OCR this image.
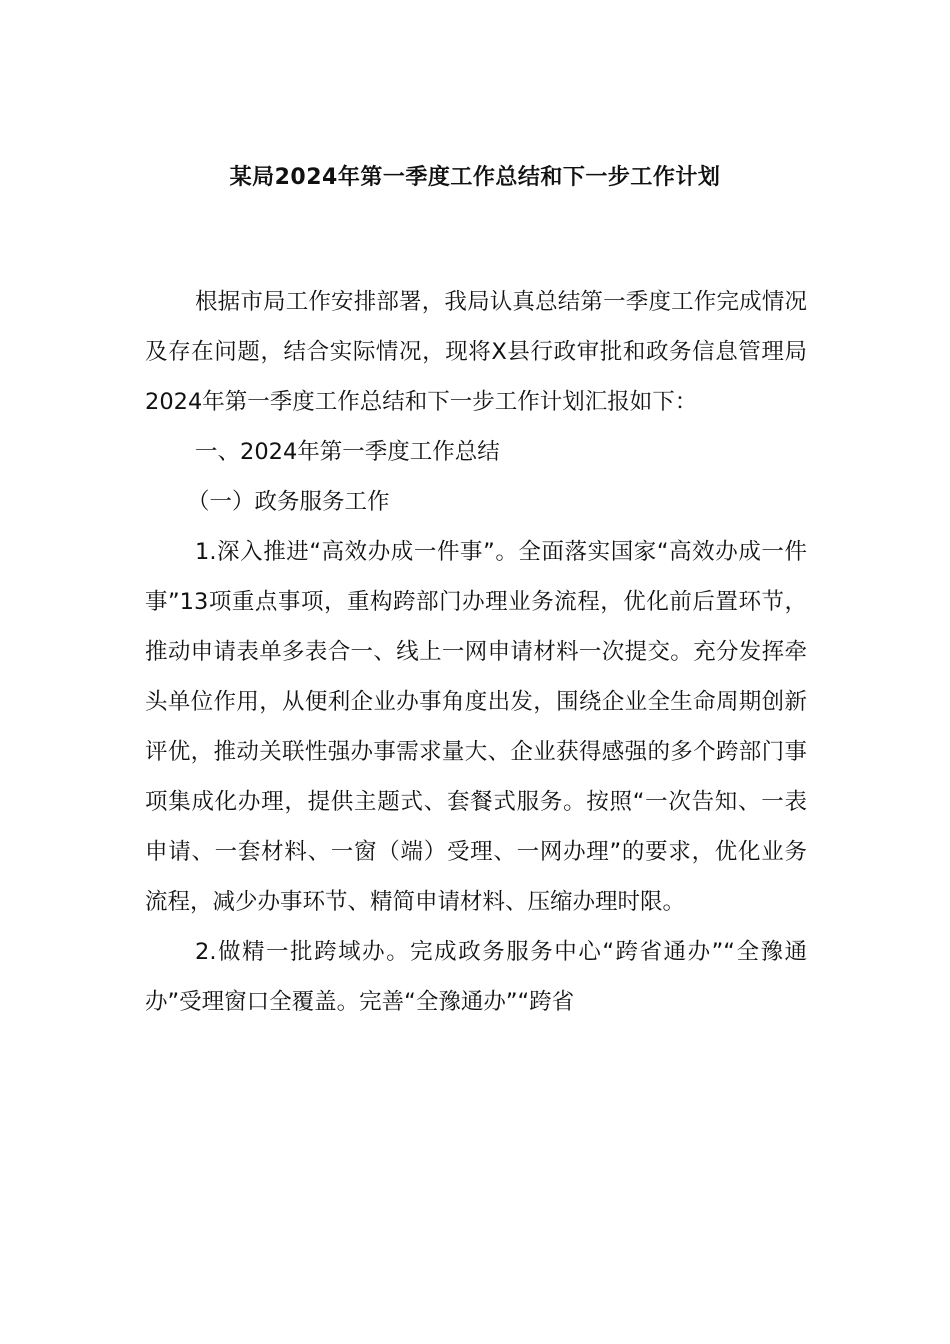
某局2024年第一季度工作总结和下一步工作计划

根据市局工作安排部署，我局认真总结第一季度工作完成情况及存在问题，结合实际情况，现将X县行政审批和政务信息管理局2024年第一季度工作总结和下一步工作计划汇报如下：

一、2024年第一季度工作总结

（一）政务服务工作

1.深入推进“高效办成一件事”。全面落实国家“高效办成一件事”13项重点事项，重构跨部门办理业务流程，优化前后置环节，推动申请表单多表合一、线上一网申请材料一次提交。充分发挥牵头单位作用，从便利企业办事角度出发，围绕企业全生命周期创新评优，推动关联性强办事需求量大、企业获得感强的多个跨部门事项集成化办理，提供主题式、套餐式服务。按照“一次告知、一表申请、一套材料、一窗（端）受理、一网办理”的要求，优化业务流程，减少办事环节、精简申请材料、压缩办理时限。

2.做精一批跨域办。完成政务服务中心“跨省通办”“全豫通办”受理窗口全覆盖。完善“全豫通办”“跨省
